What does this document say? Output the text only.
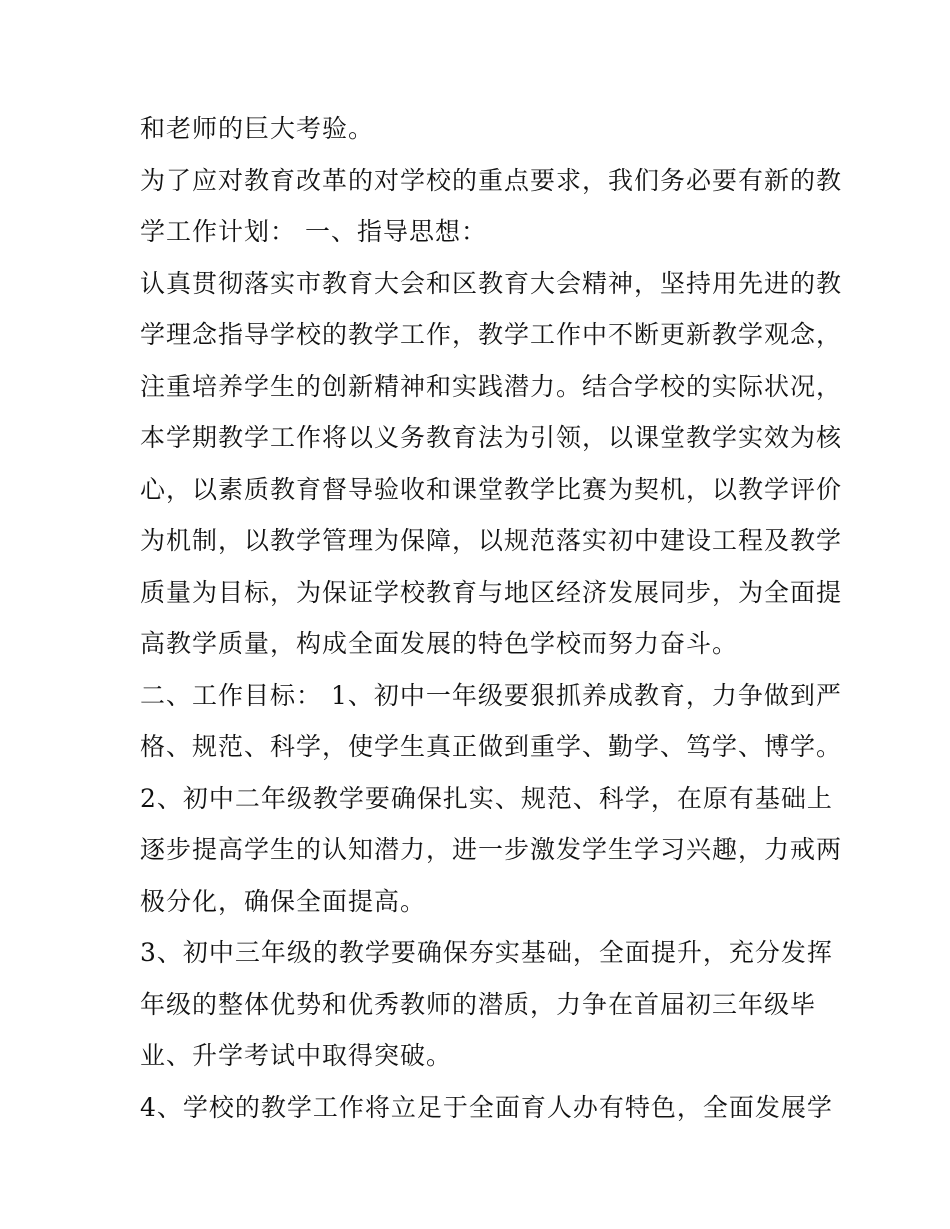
和老师的巨大考验。
为了应对教育改革的对学校的重点要求，我们务必要有新的教
学工作计划： 一、指导思想：
认真贯彻落实市教育大会和区教育大会精神，坚持用先进的教
学理念指导学校的教学工作，教学工作中不断更新教学观念，
注重培养学生的创新精神和实践潜力。结合学校的实际状况，
本学期教学工作将以义务教育法为引领，以课堂教学实效为核
心，以素质教育督导验收和课堂教学比赛为契机，以教学评价
为机制，以教学管理为保障，以规范落实初中建设工程及教学
质量为目标，为保证学校教育与地区经济发展同步，为全面提
高教学质量，构成全面发展的特色学校而努力奋斗。
二、工作目标： 1、初中一年级要狠抓养成教育，力争做到严
格、规范、科学，使学生真正做到重学、勤学、笃学、博学。
2、初中二年级教学要确保扎实、规范、科学，在原有基础上
逐步提高学生的认知潜力，进一步激发学生学习兴趣，力戒两
极分化，确保全面提高。
3、初中三年级的教学要确保夯实基础，全面提升，充分发挥
年级的整体优势和优秀教师的潜质，力争在首届初三年级毕
业、升学考试中取得突破。
4、学校的教学工作将立足于全面育人办有特色，全面发展学
